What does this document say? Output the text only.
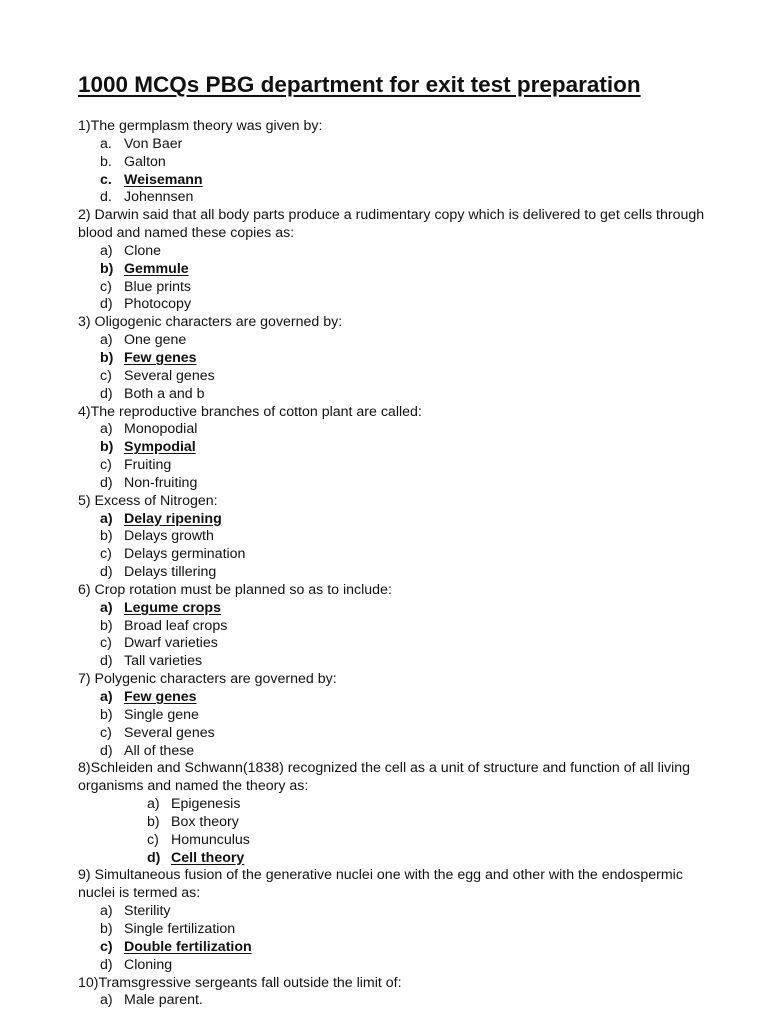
1000 MCQs PBG department for exit test preparation

1)The germplasm theory was given by:

a. Von Baer
b. Galton
c. Weisemann
d. Johennsen

2) Darwin said that all body parts produce a rudimentary copy which is delivered to get cells through blood and named these copies as:

a) Clone
b) Gemmule
c) Blue prints
d) Photocopy

3) Oligogenic characters are governed by:

a) One gene
b) Few genes
c) Several genes
d) Both a and b

4)The reproductive branches of cotton plant are called:

a) Monopodial
b) Sympodial
c) Fruiting
d) Non-fruiting

5) Excess of Nitrogen:

a) Delay ripening
b) Delays growth
c) Delays germination
d) Delays tillering

6) Crop rotation must be planned so as to include:

a) Legume crops
b) Broad leaf crops
c) Dwarf varieties
d) Tall varieties

7) Polygenic characters are governed by:

a) Few genes
b) Single gene
c) Several genes
d) All of these

8)Schleiden and Schwann(1838) recognized the cell as a unit of structure and function of all living organisms and named the theory as:

a) Epigenesis
b) Box theory
c) Homunculus
d) Cell theory

9) Simultaneous fusion of the generative nuclei one with the egg and other with the endospermic nuclei is termed as:

a) Sterility
b) Single fertilization
c) Double fertilization
d) Cloning

10)Tramsgressive sergeants fall outside the limit of:

a) Male parent.
